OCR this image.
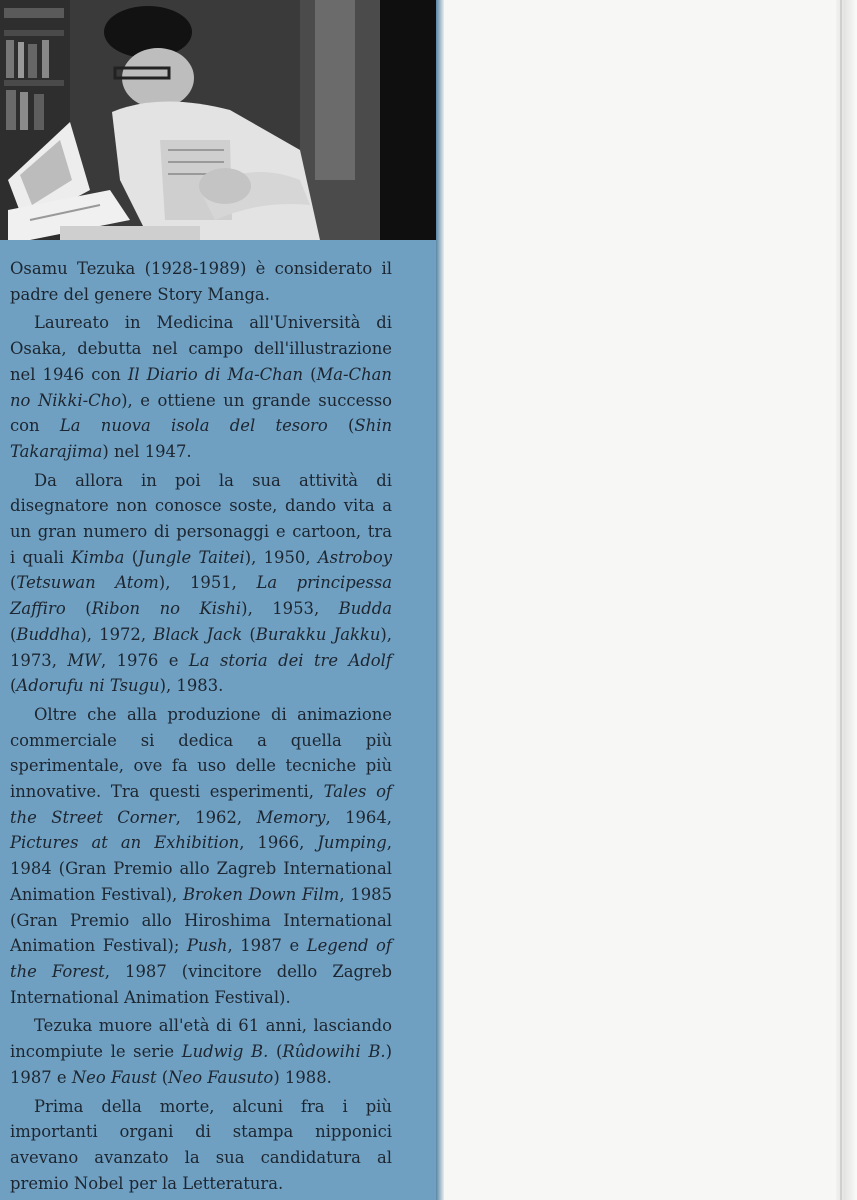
Osamu Tezuka (1928-1989) è considerato il padre del genere Story Manga.

Laureato in Medicina all'Università di Osaka, debutta nel campo dell'illustrazione nel 1946 con Il Diario di Ma-Chan (Ma-Chan no Nikki-Cho), e ottiene un grande successo con La nuova isola del tesoro (Shin Takarajima) nel 1947.

Da allora in poi la sua attività di disegnatore non conosce soste, dando vita a un gran numero di personaggi e cartoon, tra i quali Kimba (Jungle Taitei), 1950, Astroboy (Tetsuwan Atom), 1951, La principessa Zaffiro (Ribon no Kishi), 1953, Budda (Buddha), 1972, Black Jack (Burakku Jakku), 1973, MW, 1976 e La storia dei tre Adolf (Adorufu ni Tsugu), 1983.

Oltre che alla produzione di animazione commerciale si dedica a quella più sperimentale, ove fa uso delle tecniche più innovative. Tra questi esperimenti, Tales of the Street Corner, 1962, Memory, 1964, Pictures at an Exhibition, 1966, Jumping, 1984 (Gran Premio allo Zagreb International Animation Festival), Broken Down Film, 1985 (Gran Premio allo Hiroshima International Animation Festival); Push, 1987 e Legend of the Forest, 1987 (vincitore dello Zagreb International Animation Festival).

Tezuka muore all'età di 61 anni, lasciando incompiute le serie Ludwig B. (Rûdowihi B.) 1987 e Neo Faust (Neo Fausuto) 1988.

Prima della morte, alcuni fra i più importanti organi di stampa nipponici avevano avanzato la sua candidatura al premio Nobel per la Letteratura.
